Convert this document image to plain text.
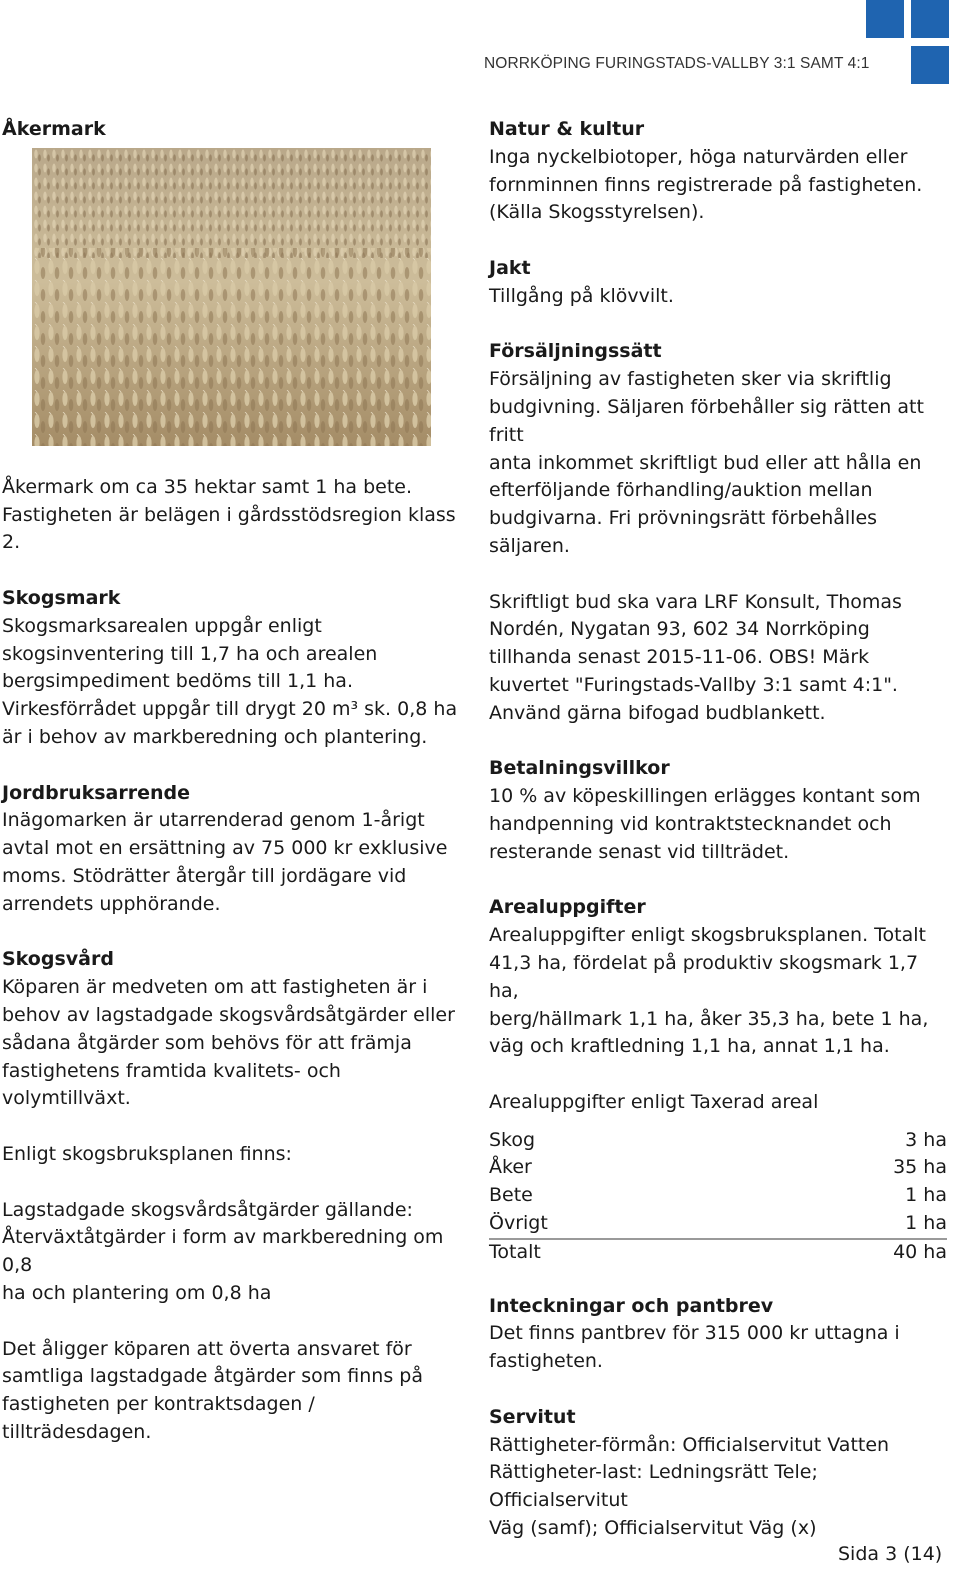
NORRKÖPING FURINGSTADS-VALLBY 3:1 SAMT 4:1
Åkermark
Åkermark om ca 35 hektar samt 1 ha bete.
Fastigheten är belägen i gårdsstödsregion klass
2.
Skogsmark
Skogsmarksarealen uppgår enligt
skogsinventering till 1,7 ha och arealen
bergsimpediment bedöms till 1,1 ha.
Virkesförrådet uppgår till drygt 20 m³ sk. 0,8 ha
är i behov av markberedning och plantering.
Jordbruksarrende
Inägomarken är utarrenderad genom 1-årigt
avtal mot en ersättning av 75 000 kr exklusive
moms. Stödrätter återgår till jordägare vid
arrendets upphörande.
Skogsvård
Köparen är medveten om att fastigheten är i
behov av lagstadgade skogsvårdsåtgärder eller
sådana åtgärder som behövs för att främja
fastighetens framtida kvalitets- och volymtillväxt.
Enligt skogsbruksplanen finns:
Lagstadgade skogsvårdsåtgärder gällande:
Återväxtåtgärder i form av markberedning om 0,8
ha och plantering om 0,8 ha
Det åligger köparen att överta ansvaret för
samtliga lagstadgade åtgärder som finns på
fastigheten per kontraktsdagen / tillträdesdagen.
Natur & kultur
Inga nyckelbiotoper, höga naturvärden eller
fornminnen finns registrerade på fastigheten.
(Källa Skogsstyrelsen).
Jakt
Tillgång på klövvilt.
Försäljningssätt
Försäljning av fastigheten sker via skriftlig
budgivning. Säljaren förbehåller sig rätten att fritt
anta inkommet skriftligt bud eller att hålla en
efterföljande förhandling/auktion mellan
budgivarna. Fri prövningsrätt förbehålles
säljaren.
Skriftligt bud ska vara LRF Konsult, Thomas
Nordén, Nygatan 93, 602 34 Norrköping
tillhanda senast 2015-11-06. OBS! Märk
kuvertet "Furingstads-Vallby 3:1 samt 4:1".
Använd gärna bifogad budblankett.
Betalningsvillkor
10 % av köpeskillingen erlägges kontant som
handpenning vid kontraktstecknandet och
resterande senast vid tillträdet.
Arealuppgifter
Arealuppgifter enligt skogsbruksplanen. Totalt
41,3 ha, fördelat på produktiv skogsmark 1,7 ha,
berg/hällmark 1,1 ha, åker 35,3 ha, bete 1 ha,
väg och kraftledning 1,1 ha, annat 1,1 ha.
Arealuppgifter enligt Taxerad areal
Skog	3 ha
Åker	35 ha
Bete	1 ha
Övrigt	1 ha
Totalt	40 ha
Inteckningar och pantbrev
Det finns pantbrev för 315 000 kr uttagna i
fastigheten.
Servitut
Rättigheter-förmån: Officialservitut Vatten
Rättigheter-last: Ledningsrätt Tele; Officialservitut
Väg (samf); Officialservitut Väg (x)
Sida 3 (14)
